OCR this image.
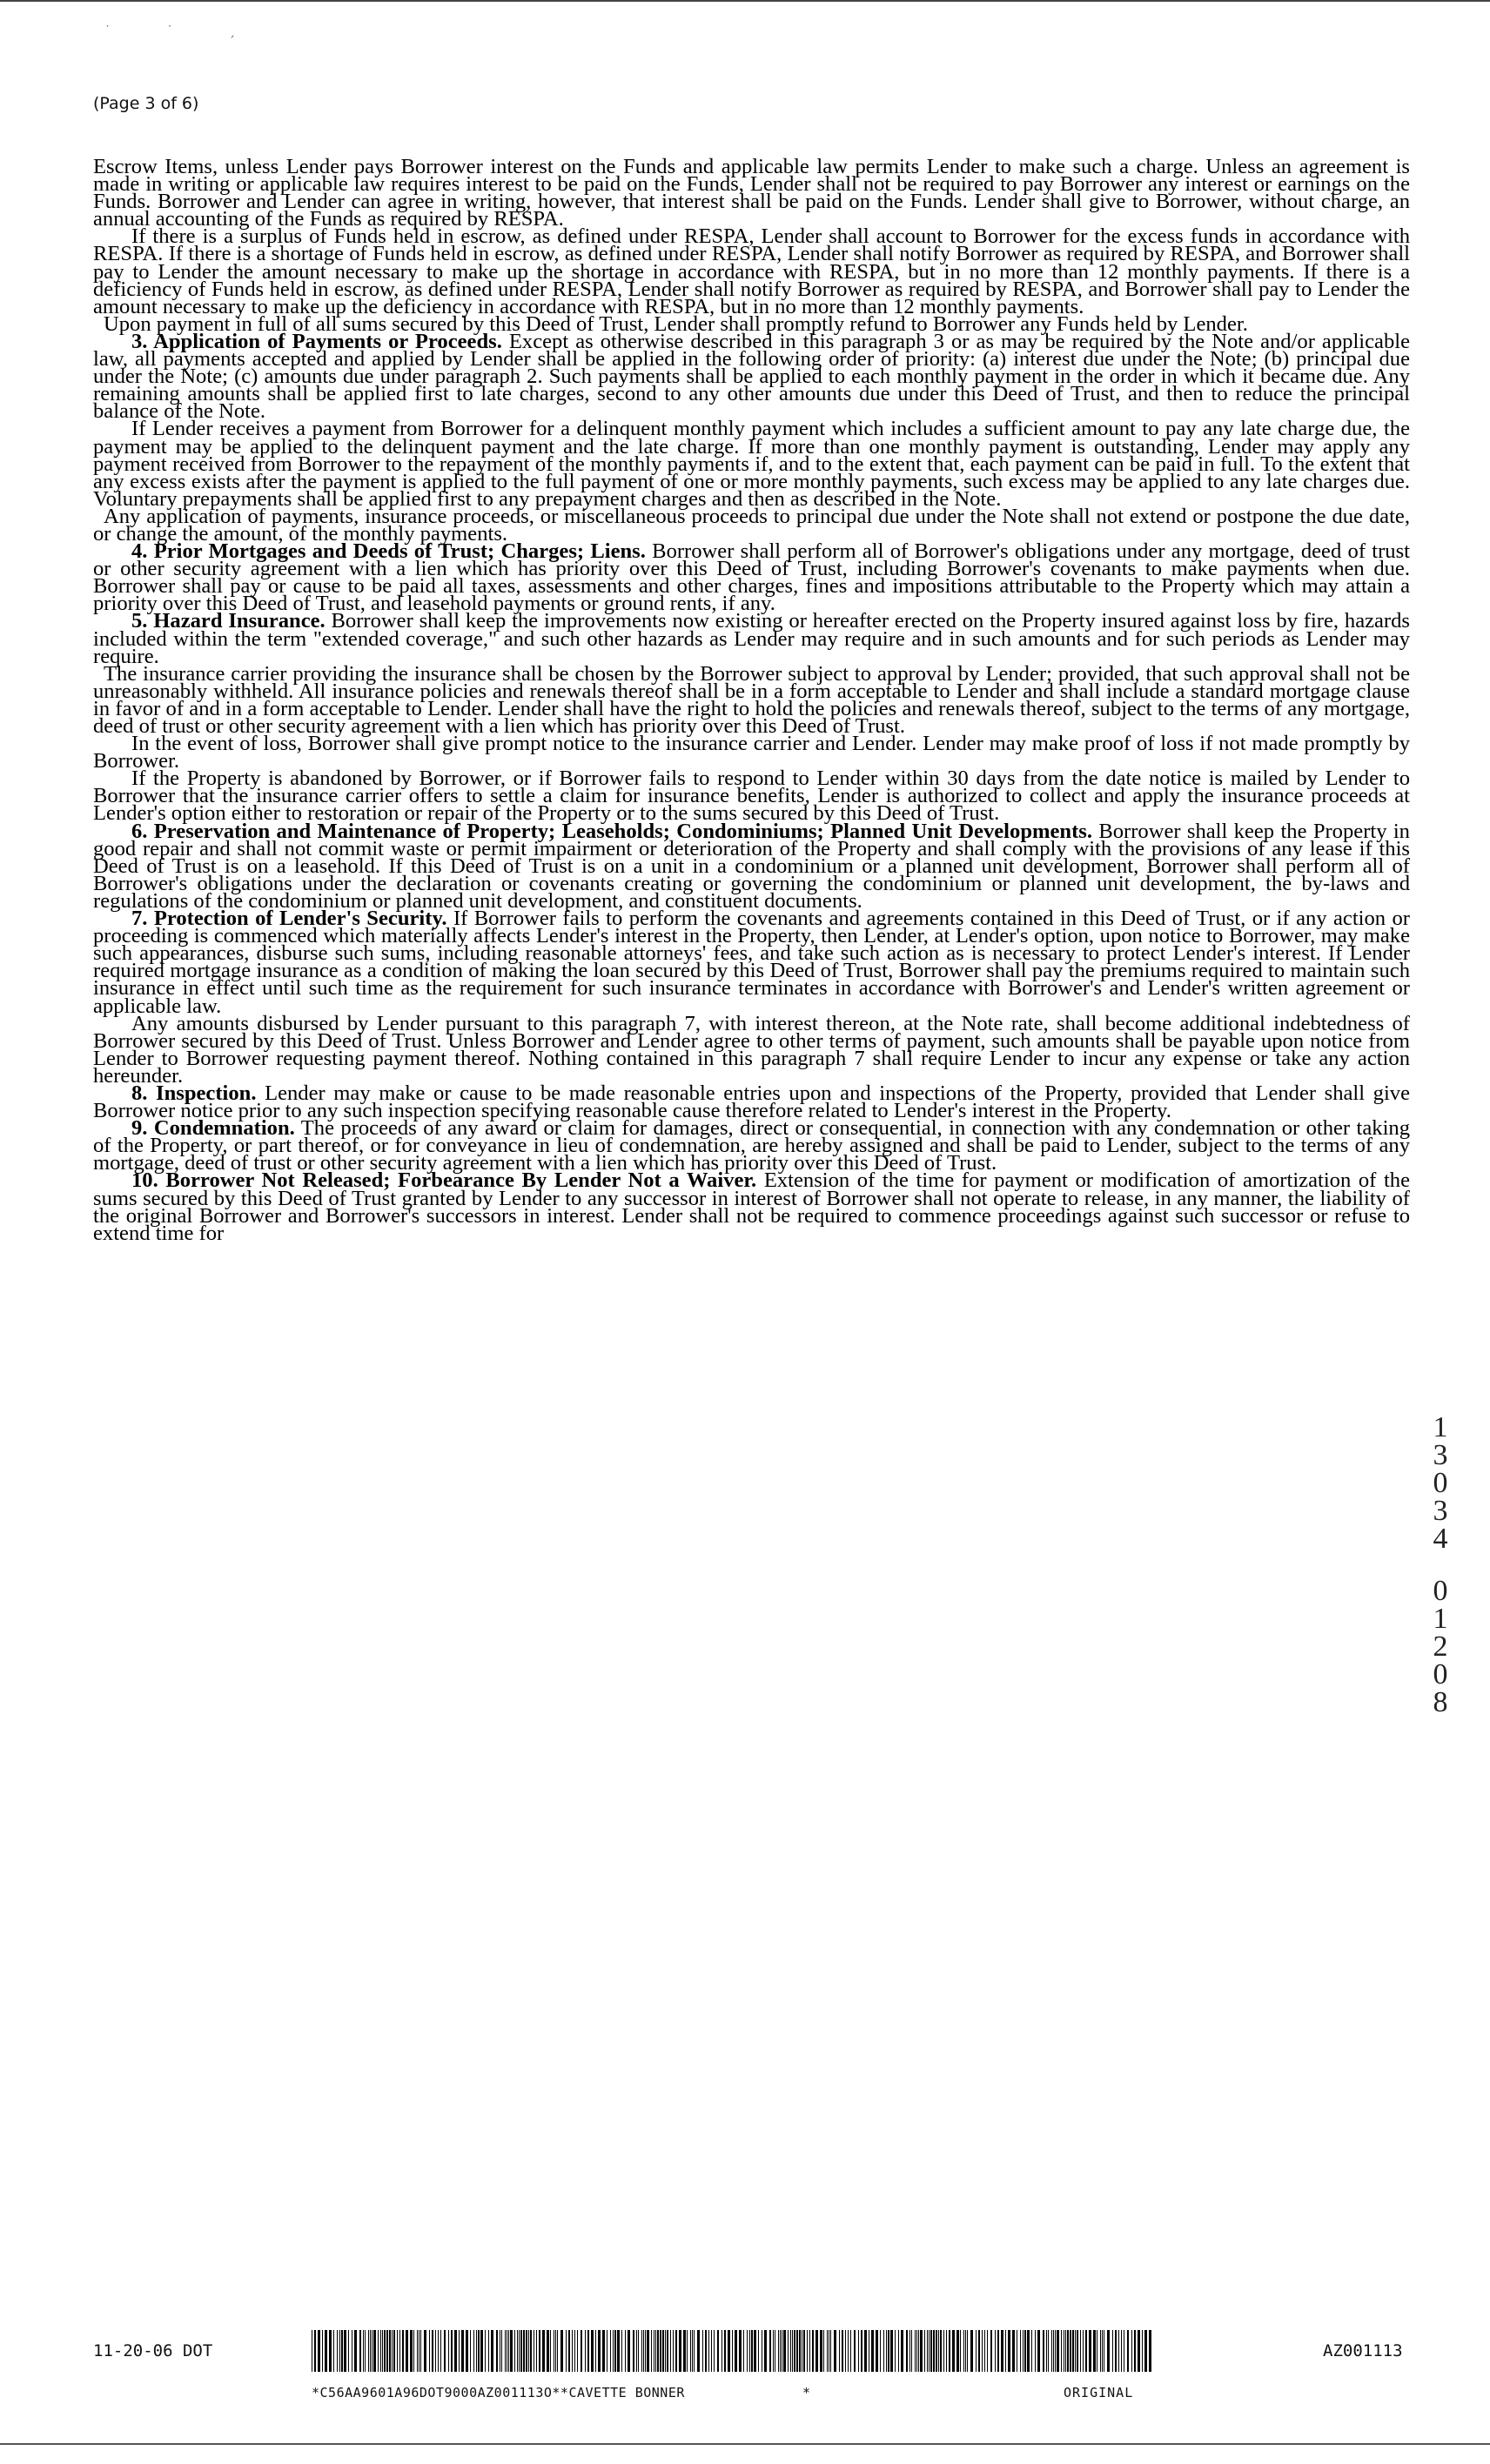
˙ ˙ ˏ
(Page 3 of 6)

Escrow Items, unless Lender pays Borrower interest on the Funds and applicable law permits Lender to make such a charge. Unless an agreement is made in writing or applicable law requires interest to be paid on the Funds, Lender shall not be required to pay Borrower any interest or earnings on the Funds. Borrower and Lender can agree in writing, however, that interest shall be paid on the Funds. Lender shall give to Borrower, without charge, an annual accounting of the Funds as required by RESPA.

If there is a surplus of Funds held in escrow, as defined under RESPA, Lender shall account to Borrower for the excess funds in accordance with RESPA. If there is a shortage of Funds held in escrow, as defined under RESPA, Lender shall notify Borrower as required by RESPA, and Borrower shall pay to Lender the amount necessary to make up the shortage in accordance with RESPA, but in no more than 12 monthly payments. If there is a deficiency of Funds held in escrow, as defined under RESPA, Lender shall notify Borrower as required by RESPA, and Borrower shall pay to Lender the amount necessary to make up the deficiency in accordance with RESPA, but in no more than 12 monthly payments.

Upon payment in full of all sums secured by this Deed of Trust, Lender shall promptly refund to Borrower any Funds held by Lender.

3. Application of Payments or Proceeds. Except as otherwise described in this paragraph 3 or as may be required by the Note and/or applicable law, all payments accepted and applied by Lender shall be applied in the following order of priority: (a) interest due under the Note; (b) principal due under the Note; (c) amounts due under paragraph 2. Such payments shall be applied to each monthly payment in the order in which it became due. Any remaining amounts shall be applied first to late charges, second to any other amounts due under this Deed of Trust, and then to reduce the principal balance of the Note.

If Lender receives a payment from Borrower for a delinquent monthly payment which includes a sufficient amount to pay any late charge due, the payment may be applied to the delinquent payment and the late charge. If more than one monthly payment is outstanding, Lender may apply any payment received from Borrower to the repayment of the monthly payments if, and to the extent that, each payment can be paid in full. To the extent that any excess exists after the payment is applied to the full payment of one or more monthly payments, such excess may be applied to any late charges due. Voluntary prepayments shall be applied first to any prepayment charges and then as described in the Note.

Any application of payments, insurance proceeds, or miscellaneous proceeds to principal due under the Note shall not extend or postpone the due date, or change the amount, of the monthly payments.

4. Prior Mortgages and Deeds of Trust; Charges; Liens. Borrower shall perform all of Borrower's obligations under any mortgage, deed of trust or other security agreement with a lien which has priority over this Deed of Trust, including Borrower's covenants to make payments when due. Borrower shall pay or cause to be paid all taxes, assessments and other charges, fines and impositions attributable to the Property which may attain a priority over this Deed of Trust, and leasehold payments or ground rents, if any.

5. Hazard Insurance. Borrower shall keep the improvements now existing or hereafter erected on the Property insured against loss by fire, hazards included within the term "extended coverage," and such other hazards as Lender may require and in such amounts and for such periods as Lender may require.

The insurance carrier providing the insurance shall be chosen by the Borrower subject to approval by Lender; provided, that such approval shall not be unreasonably withheld. All insurance policies and renewals thereof shall be in a form acceptable to Lender and shall include a standard mortgage clause in favor of and in a form acceptable to Lender. Lender shall have the right to hold the policies and renewals thereof, subject to the terms of any mortgage, deed of trust or other security agreement with a lien which has priority over this Deed of Trust.

In the event of loss, Borrower shall give prompt notice to the insurance carrier and Lender. Lender may make proof of loss if not made promptly by Borrower.

If the Property is abandoned by Borrower, or if Borrower fails to respond to Lender within 30 days from the date notice is mailed by Lender to Borrower that the insurance carrier offers to settle a claim for insurance benefits, Lender is authorized to collect and apply the insurance proceeds at Lender's option either to restoration or repair of the Property or to the sums secured by this Deed of Trust.

6. Preservation and Maintenance of Property; Leaseholds; Condominiums; Planned Unit Developments. Borrower shall keep the Property in good repair and shall not commit waste or permit impairment or deterioration of the Property and shall comply with the provisions of any lease if this Deed of Trust is on a leasehold. If this Deed of Trust is on a unit in a condominium or a planned unit development, Borrower shall perform all of Borrower's obligations under the declaration or covenants creating or governing the condominium or planned unit development, the by-laws and regulations of the condominium or planned unit development, and constituent documents.

7. Protection of Lender's Security. If Borrower fails to perform the covenants and agreements contained in this Deed of Trust, or if any action or proceeding is commenced which materially affects Lender's interest in the Property, then Lender, at Lender's option, upon notice to Borrower, may make such appearances, disburse such sums, including reasonable attorneys' fees, and take such action as is necessary to protect Lender's interest. If Lender required mortgage insurance as a condition of making the loan secured by this Deed of Trust, Borrower shall pay the premiums required to maintain such insurance in effect until such time as the requirement for such insurance terminates in accordance with Borrower's and Lender's written agreement or applicable law.

Any amounts disbursed by Lender pursuant to this paragraph 7, with interest thereon, at the Note rate, shall become additional indebtedness of Borrower secured by this Deed of Trust. Unless Borrower and Lender agree to other terms of payment, such amounts shall be payable upon notice from Lender to Borrower requesting payment thereof. Nothing contained in this paragraph 7 shall require Lender to incur any expense or take any action hereunder.

8. Inspection. Lender may make or cause to be made reasonable entries upon and inspections of the Property, provided that Lender shall give Borrower notice prior to any such inspection specifying reasonable cause therefore related to Lender's interest in the Property.

9. Condemnation. The proceeds of any award or claim for damages, direct or consequential, in connection with any condemnation or other taking of the Property, or part thereof, or for conveyance in lieu of condemnation, are hereby assigned and shall be paid to Lender, subject to the terms of any mortgage, deed of trust or other security agreement with a lien which has priority over this Deed of Trust.

10. Borrower Not Released; Forbearance By Lender Not a Waiver. Extension of the time for payment or modification of amortization of the sums secured by this Deed of Trust granted by Lender to any successor in interest of Borrower shall not operate to release, in any manner, the liability of the original Borrower and Borrower's successors in interest. Lender shall not be required to commence proceedings against such successor or refuse to extend time for

1
3
0
3
4
0
1
2
0
8
11-20-06 DOT	AZ001113
*C56AA9601A96DOT9000AZ001113O**CAVETTE BONNER	*	ORIGINAL
